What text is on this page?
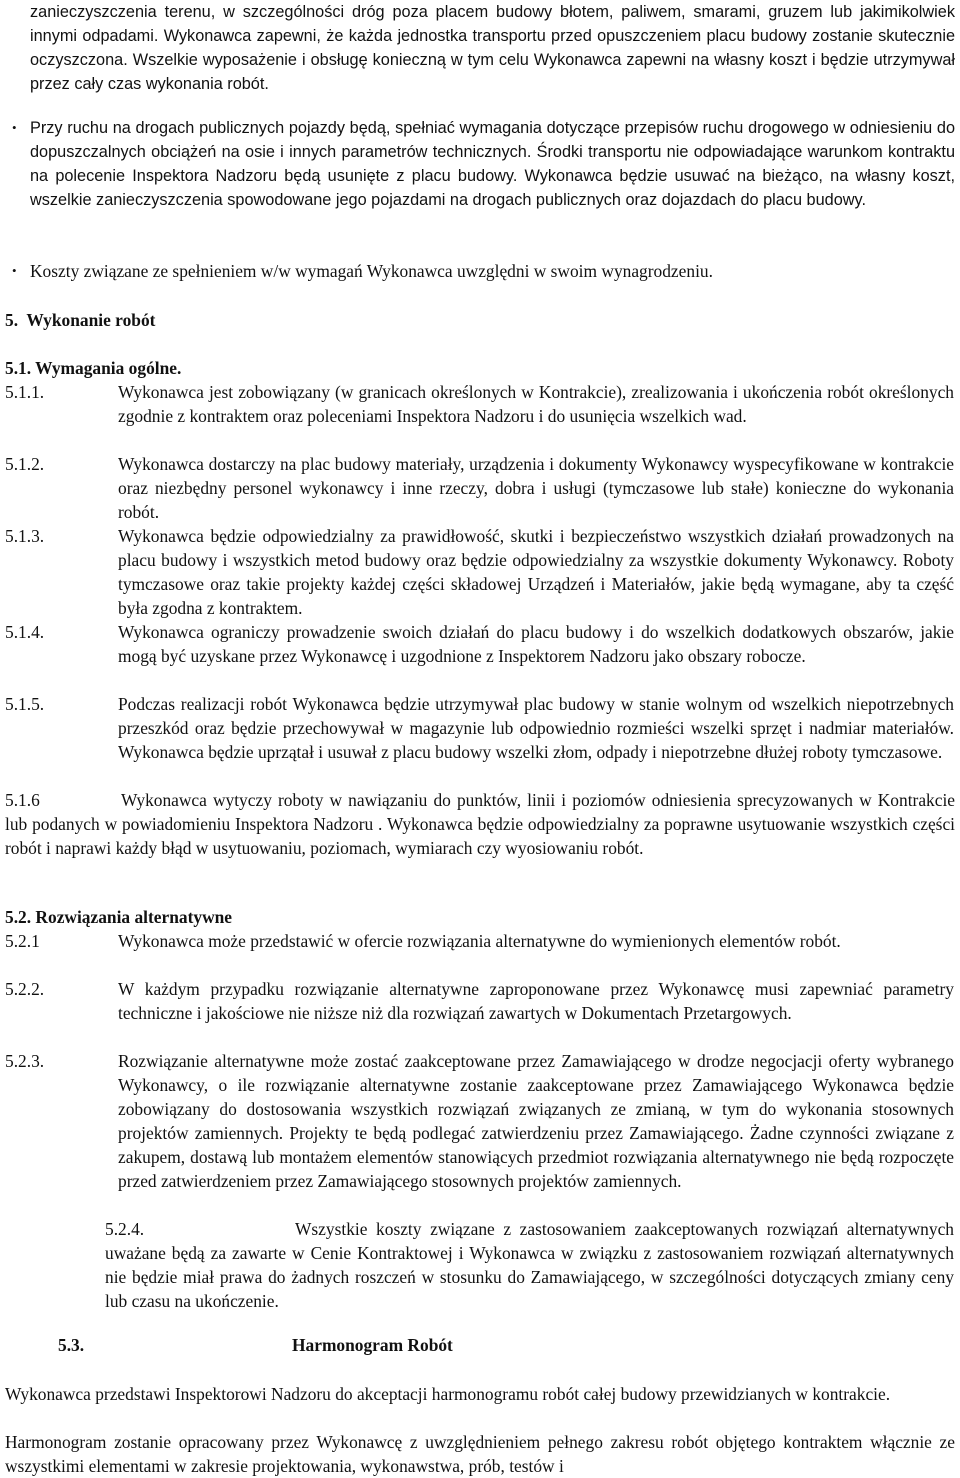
zanieczyszczenia terenu, w szczególności dróg poza placem budowy błotem, paliwem, smarami, gruzem lub jakimikolwiek innymi odpadami. Wykonawca zapewni, że każda jednostka transportu przed opuszczeniem placu budowy zostanie skutecznie oczyszczona. Wszelkie wyposażenie i obsługę konieczną w tym celu Wykonawca zapewni na własny koszt i będzie utrzymywał przez cały czas wykonania robót.
• Przy ruchu na drogach publicznych pojazdy będą, spełniać wymagania dotyczące przepisów ruchu drogowego w odniesieniu do dopuszczalnych obciążeń na osie i innych parametrów technicznych. Środki transportu nie odpowiadające warunkom kontraktu na polecenie Inspektora Nadzoru będą usunięte z placu budowy. Wykonawca będzie usuwać na bieżąco, na własny koszt, wszelkie zanieczyszczenia spowodowane jego pojazdami na drogach publicznych oraz dojazdach do placu budowy.
• Koszty związane ze spełnieniem w/w wymagań Wykonawca uwzględni w swoim wynagrodzeniu.
5.  Wykonanie robót
5.1. Wymagania ogólne.
5.1.1.	Wykonawca jest zobowiązany (w granicach określonych w Kontrakcie), zrealizowania i ukończenia robót określonych zgodnie z kontraktem oraz poleceniami Inspektora Nadzoru i do usunięcia wszelkich wad.
5.1.2.	Wykonawca dostarczy na plac budowy materiały, urządzenia i dokumenty Wykonawcy wyspecyfikowane w kontrakcie oraz niezbędny personel wykonawcy i inne rzeczy, dobra i usługi (tymczasowe lub stałe) konieczne do wykonania robót.
5.1.3.	Wykonawca będzie odpowiedzialny za prawidłowość, skutki i bezpieczeństwo wszystkich działań prowadzonych na placu budowy i wszystkich metod budowy oraz będzie odpowiedzialny za wszystkie dokumenty Wykonawcy. Roboty tymczasowe oraz takie projekty każdej części składowej Urządzeń i Materiałów, jakie będą wymagane, aby ta część była zgodna z kontraktem.
5.1.4.	Wykonawca ograniczy prowadzenie swoich działań do placu budowy i do wszelkich dodatkowych obszarów, jakie mogą być uzyskane przez Wykonawcę i uzgodnione z Inspektorem Nadzoru jako obszary robocze.
5.1.5.	Podczas realizacji robót Wykonawca będzie utrzymywał plac budowy w stanie wolnym od wszelkich niepotrzebnych przeszkód oraz będzie przechowywał w magazynie lub odpowiednio rozmieści wszelki sprzęt i nadmiar materiałów. Wykonawca będzie uprzątał i usuwał z placu budowy wszelki złom, odpady i niepotrzebne dłużej roboty tymczasowe.
5.1.6	Wykonawca wytyczy roboty w nawiązaniu do punktów, linii i poziomów odniesienia sprecyzowanych w Kontrakcie lub podanych w powiadomieniu Inspektora Nadzoru . Wykonawca będzie odpowiedzialny za poprawne usytuowanie wszystkich części robót i naprawi każdy błąd w usytuowaniu, poziomach, wymiarach czy wyosiowaniu robót.
5.2. Rozwiązania alternatywne
5.2.1	Wykonawca może przedstawić w ofercie rozwiązania alternatywne do wymienionych elementów robót.
5.2.2.	W każdym przypadku rozwiązanie alternatywne zaproponowane przez Wykonawcę musi zapewniać parametry techniczne i jakościowe nie niższe niż dla rozwiązań zawartych w Dokumentach Przetargowych.
5.2.3.	Rozwiązanie alternatywne może zostać zaakceptowane przez Zamawiającego w drodze negocjacji oferty wybranego Wykonawcy, o ile rozwiązanie alternatywne zostanie zaakceptowane przez Zamawiającego Wykonawca będzie zobowiązany do dostosowania wszystkich rozwiązań związanych ze zmianą, w tym do wykonania stosownych projektów zamiennych. Projekty te będą podlegać zatwierdzeniu przez Zamawiającego. Żadne czynności związane z zakupem, dostawą lub montażem elementów stanowiących przedmiot rozwiązania alternatywnego nie będą rozpoczęte przed zatwierdzeniem przez Zamawiającego stosownych projektów zamiennych.
5.2.4.	Wszystkie koszty związane z zastosowaniem zaakceptowanych rozwiązań alternatywnych uważane będą za zawarte w Cenie Kontraktowej i Wykonawca w związku z zastosowaniem rozwiązań alternatywnych nie będzie miał prawa do żadnych roszczeń w stosunku do Zamawiającego, w szczególności dotyczących zmiany ceny lub czasu na ukończenie.
5.3.	Harmonogram Robót
Wykonawca przedstawi Inspektorowi Nadzoru do akceptacji harmonogramu robót całej budowy przewidzianych w kontrakcie.
Harmonogram zostanie opracowany przez Wykonawcę z uwzględnieniem pełnego zakresu robót objętego kontraktem włącznie ze wszystkimi elementami w zakresie projektowania, wykonawstwa, prób, testów i
